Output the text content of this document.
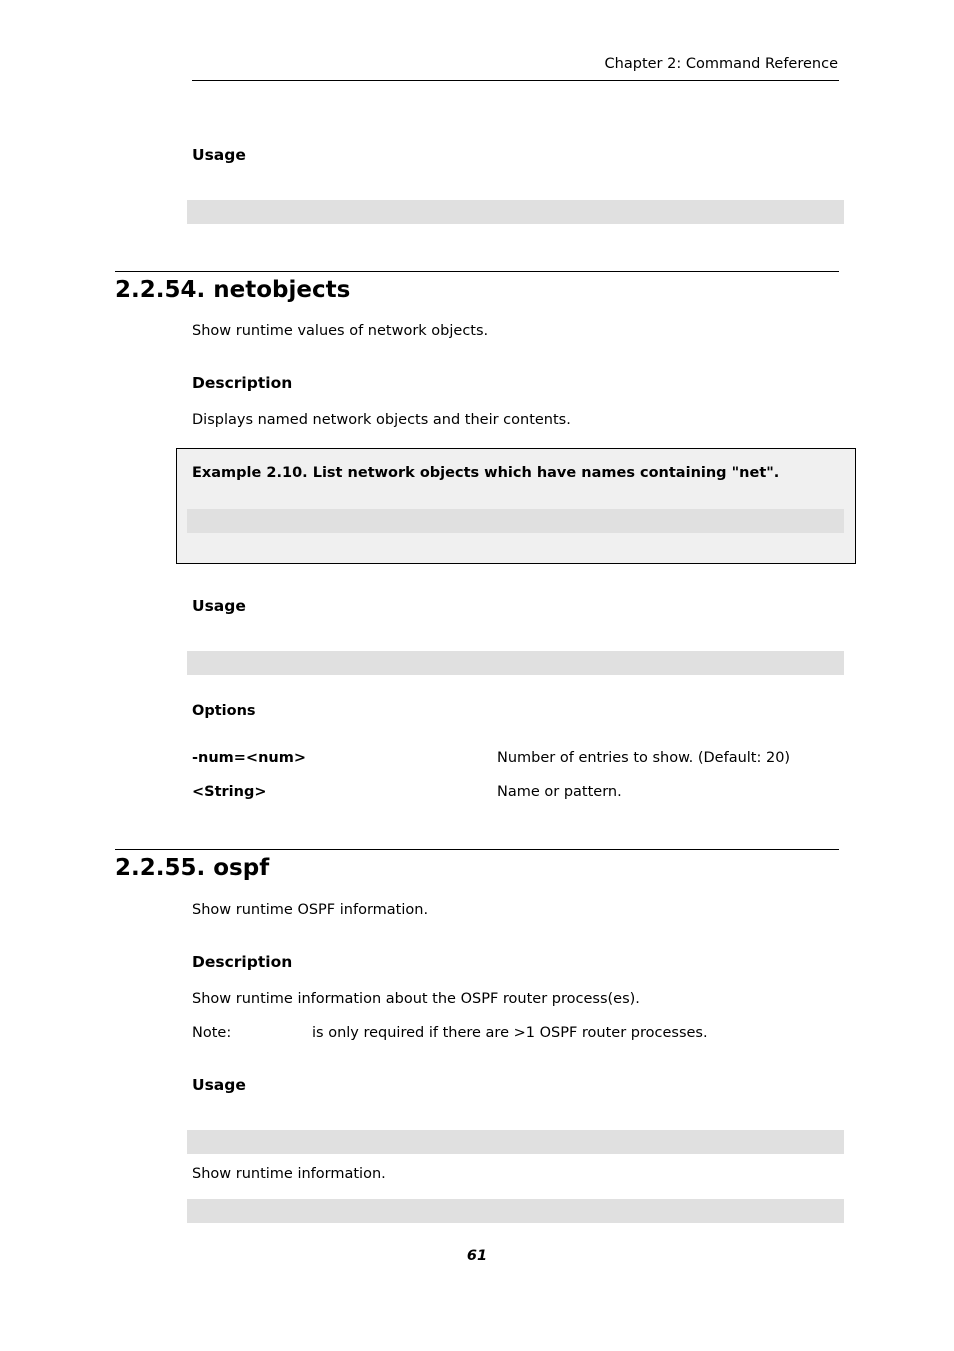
Chapter 2: Command Reference
Usage
2.2.54. netobjects
Show runtime values of network objects.
Description
Displays named network objects and their contents.
Example 2.10. List network objects which have names containing "net".
Usage
Options
-num=<num>	Number of entries to show. (Default: 20)
<String>	Name or pattern.
2.2.55. ospf
Show runtime OSPF information.
Description
Show runtime information about the OSPF router process(es).
Note:	is only required if there are >1 OSPF router processes.
Usage
Show runtime information.
61
